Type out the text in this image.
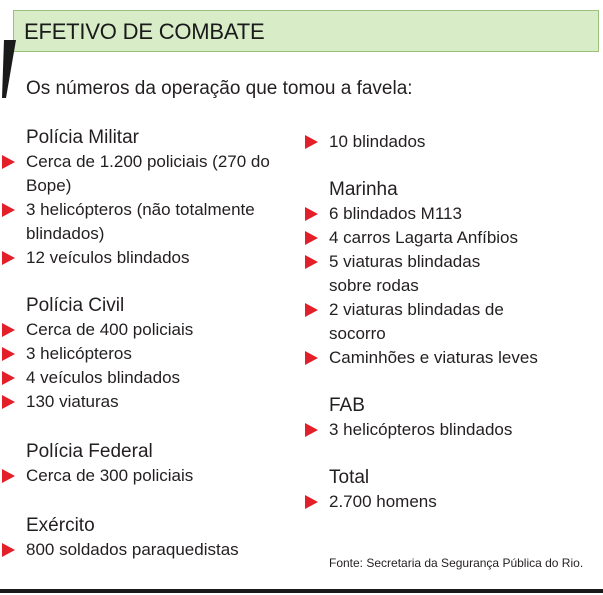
EFETIVO DE COMBATE
Os números da operação que tomou a favela:
Polícia Militar
Cerca de 1.200 policiais (270 do Bope)
3 helicópteros (não totalmente blindados)
12 veículos blindados
Polícia Civil
Cerca de 400 policiais
3 helicópteros
4 veículos blindados
130 viaturas
Polícia Federal
Cerca de 300 policiais
Exército
800 soldados paraquedistas
10 blindados
Marinha
6 blindados M113
4 carros Lagarta Anfíbios
5 viaturas blindadas sobre rodas
2 viaturas blindadas de socorro
Caminhões e viaturas leves
FAB
3 helicópteros blindados
Total
2.700 homens
Fonte: Secretaria da Segurança Pública do Rio.
